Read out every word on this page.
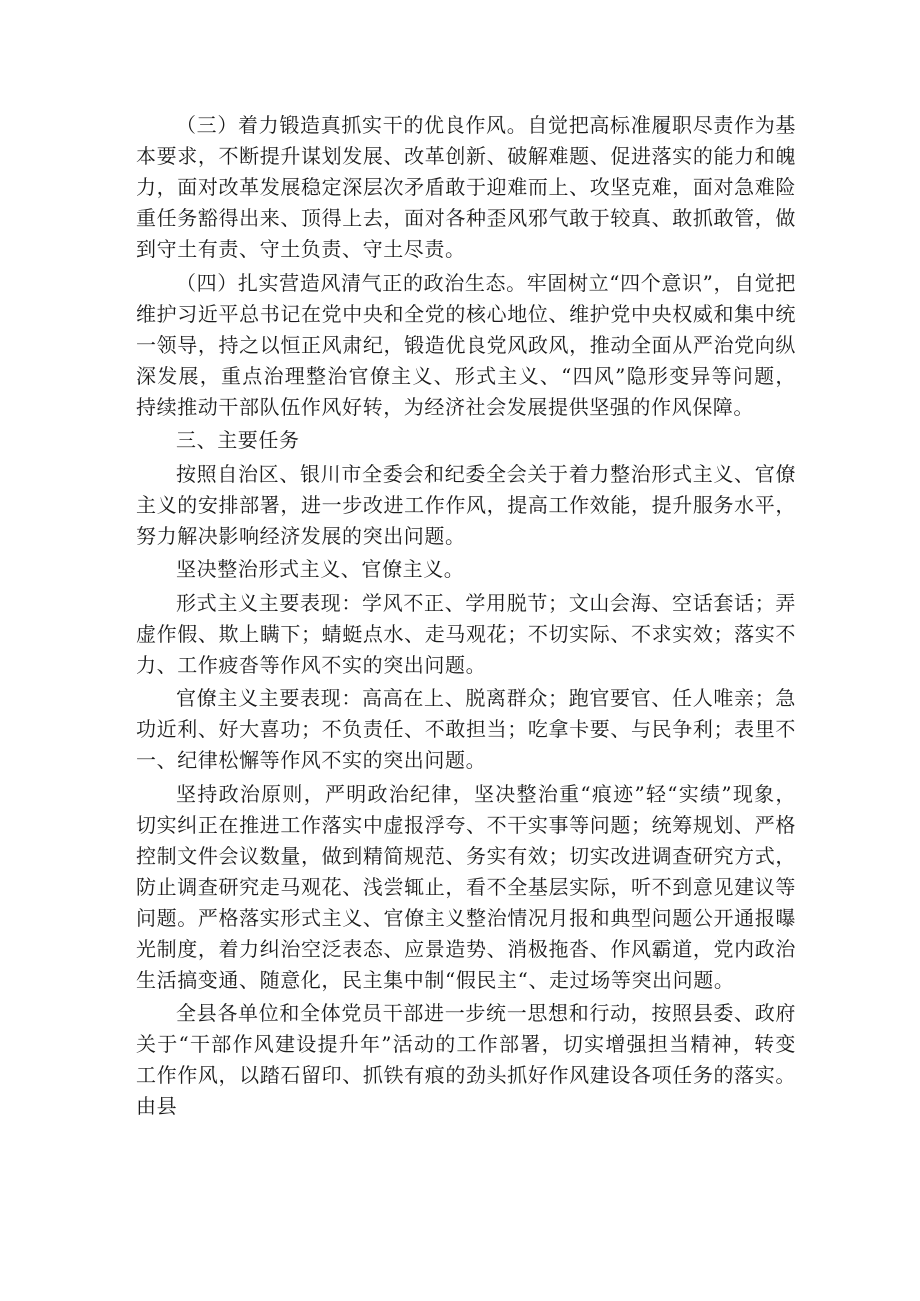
（三）着力锻造真抓实干的优良作风。自觉把高标准履职尽责作为基本要求，不断提升谋划发展、改革创新、破解难题、促进落实的能力和魄力，面对改革发展稳定深层次矛盾敢于迎难而上、攻坚克难，面对急难险重任务豁得出来、顶得上去，面对各种歪风邪气敢于较真、敢抓敢管，做到守土有责、守土负责、守土尽责。

（四）扎实营造风清气正的政治生态。牢固树立“四个意识”，自觉把维护习近平总书记在党中央和全党的核心地位、维护党中央权威和集中统一领导，持之以恒正风肃纪，锻造优良党风政风，推动全面从严治党向纵深发展，重点治理整治官僚主义、形式主义、“四风”隐形变异等问题，持续推动干部队伍作风好转，为经济社会发展提供坚强的作风保障。

三、主要任务

按照自治区、银川市全委会和纪委全会关于着力整治形式主义、官僚主义的安排部署，进一步改进工作作风，提高工作效能，提升服务水平，努力解决影响经济发展的突出问题。

坚决整治形式主义、官僚主义。

形式主义主要表现：学风不正、学用脱节；文山会海、空话套话；弄虚作假、欺上瞒下；蜻蜓点水、走马观花；不切实际、不求实效；落实不力、工作疲沓等作风不实的突出问题。

官僚主义主要表现：高高在上、脱离群众；跑官要官、任人唯亲；急功近利、好大喜功；不负责任、不敢担当；吃拿卡要、与民争利；表里不一、纪律松懈等作风不实的突出问题。

坚持政治原则，严明政治纪律，坚决整治重“痕迹”轻“实绩”现象，切实纠正在推进工作落实中虚报浮夸、不干实事等问题；统筹规划、严格控制文件会议数量，做到精简规范、务实有效；切实改进调查研究方式，防止调查研究走马观花、浅尝辄止，看不全基层实际，听不到意见建议等问题。严格落实形式主义、官僚主义整治情况月报和典型问题公开通报曝光制度，着力纠治空泛表态、应景造势、消极拖沓、作风霸道，党内政治生活搞变通、随意化，民主集中制“假民主“、走过场等突出问题。

全县各单位和全体党员干部进一步统一思想和行动，按照县委、政府关于“干部作风建设提升年”活动的工作部署，切实增强担当精神，转变工作作风，以踏石留印、抓铁有痕的劲头抓好作风建设各项任务的落实。由县
